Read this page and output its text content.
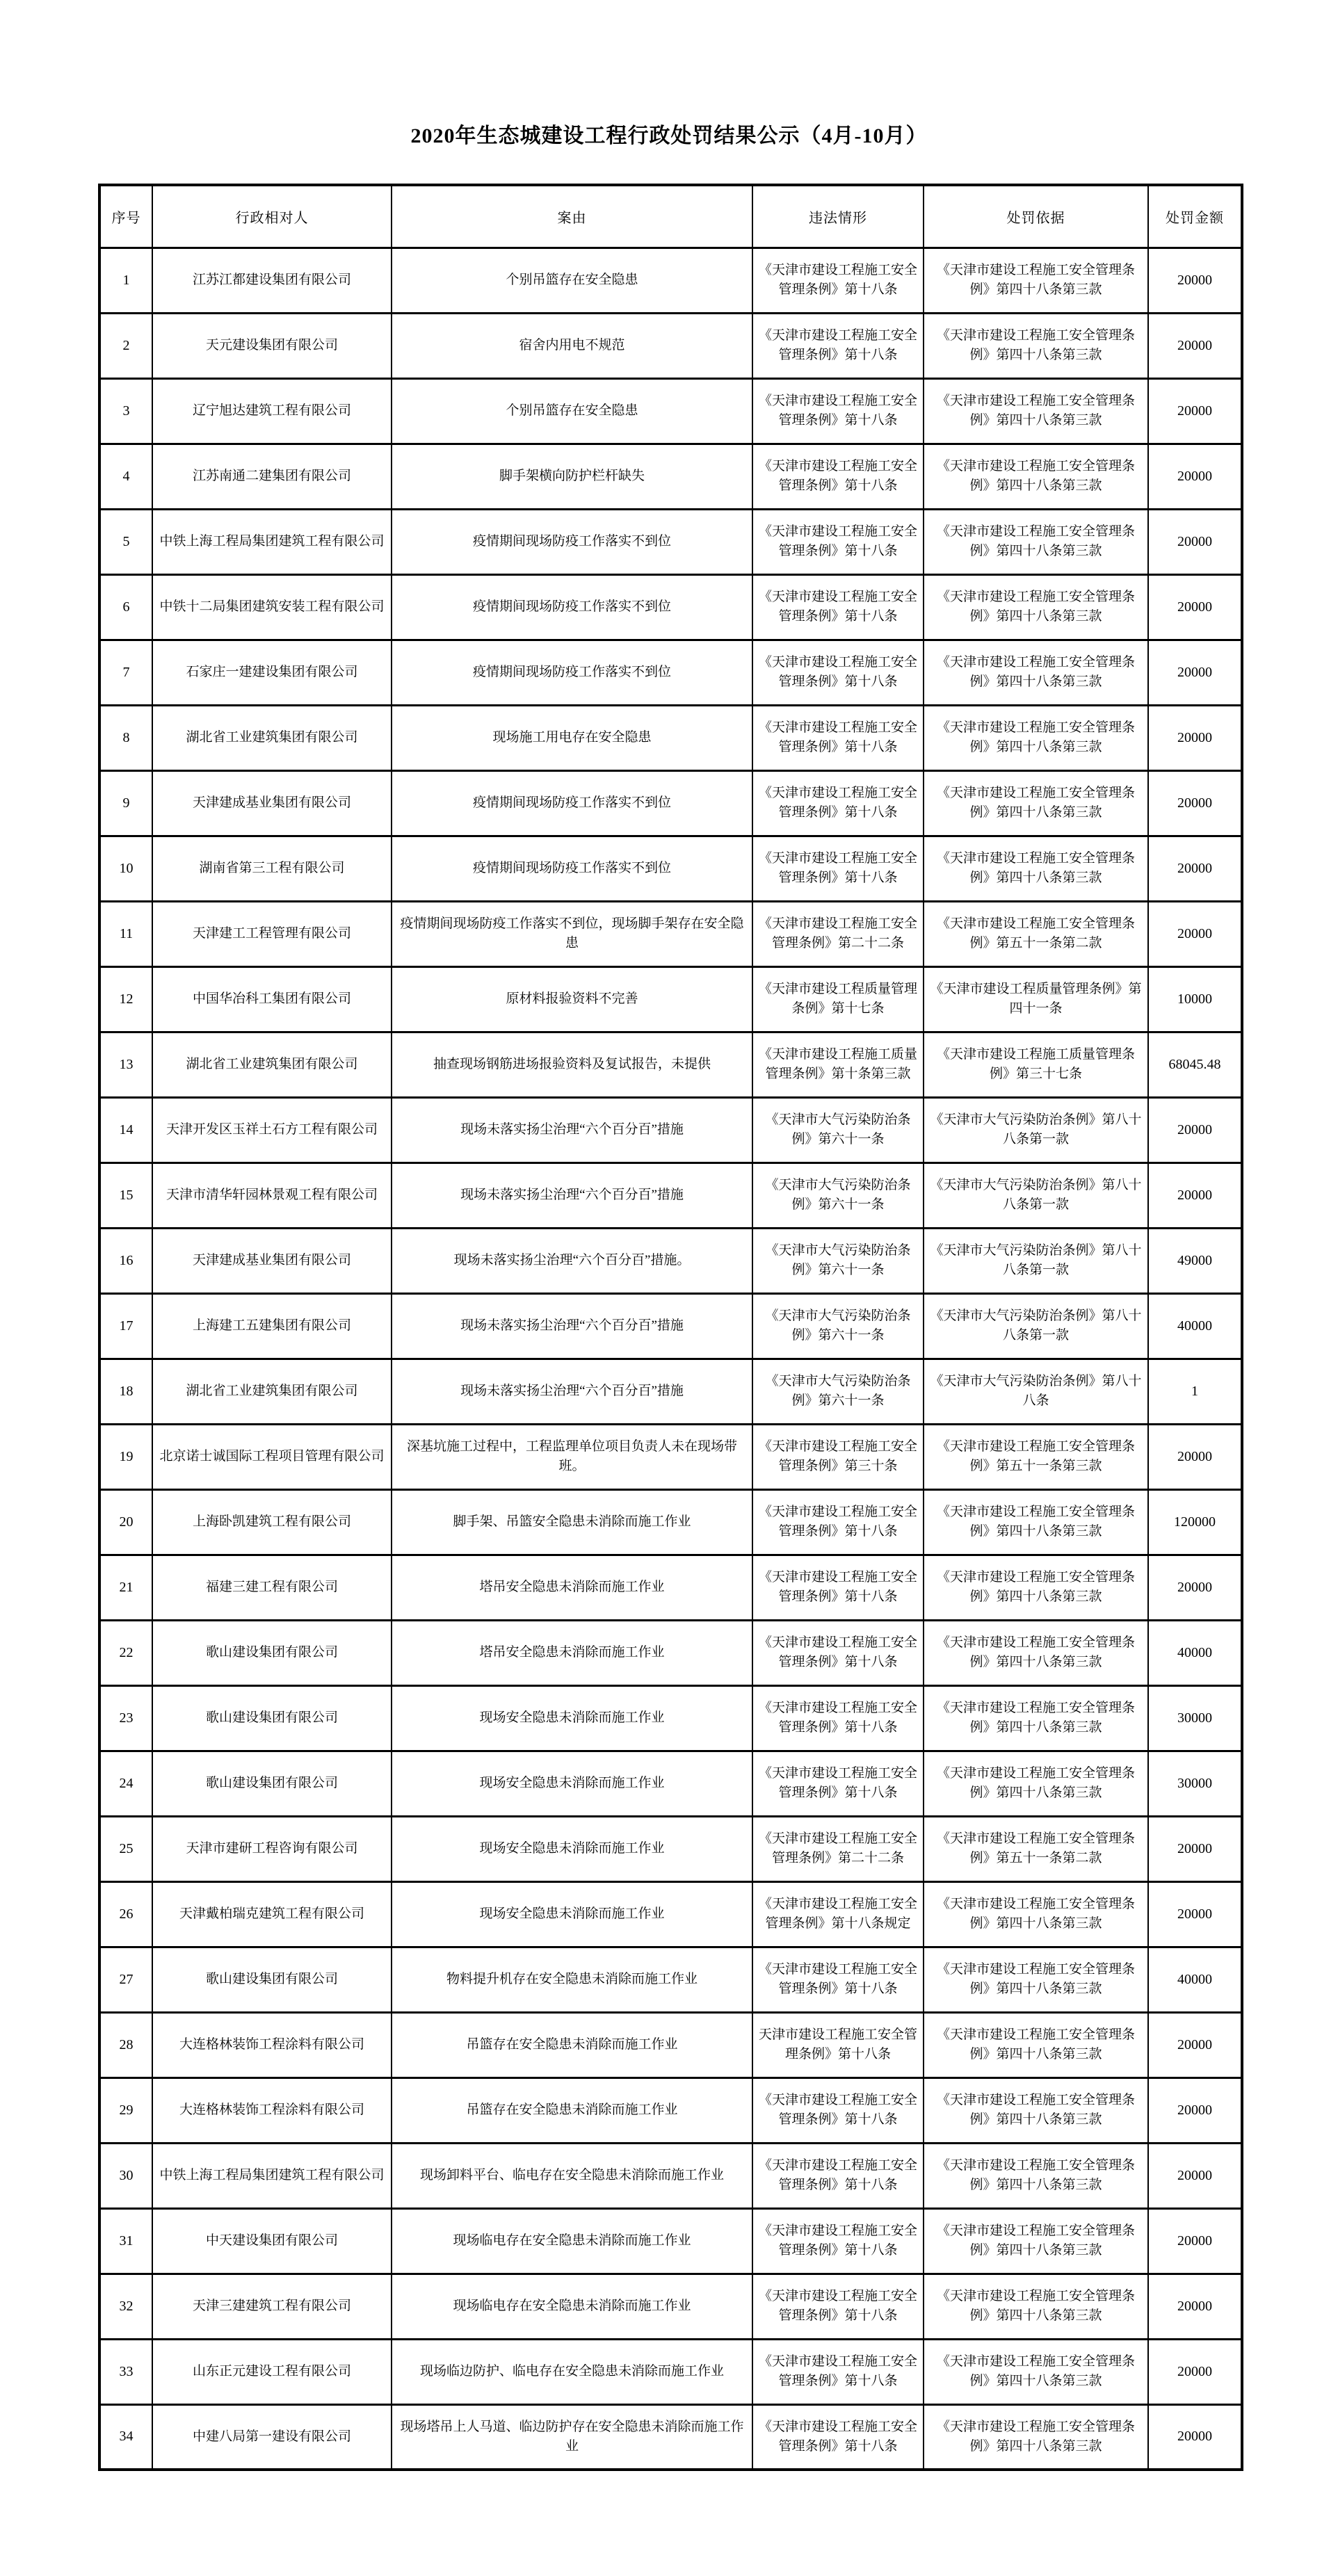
2020年生态城建设工程行政处罚结果公示（4月-10月）
序号	行政相对人	案由	违法情形	处罚依据	处罚金额
1	江苏江都建设集团有限公司	个别吊篮存在安全隐患	《天津市建设工程施工安全管理条例》第十八条	《天津市建设工程施工安全管理条例》第四十八条第三款	20000
2	天元建设集团有限公司	宿舍内用电不规范	《天津市建设工程施工安全管理条例》第十八条	《天津市建设工程施工安全管理条例》第四十八条第三款	20000
3	辽宁旭达建筑工程有限公司	个别吊篮存在安全隐患	《天津市建设工程施工安全管理条例》第十八条	《天津市建设工程施工安全管理条例》第四十八条第三款	20000
4	江苏南通二建集团有限公司	脚手架横向防护栏杆缺失	《天津市建设工程施工安全管理条例》第十八条	《天津市建设工程施工安全管理条例》第四十八条第三款	20000
5	中铁上海工程局集团建筑工程有限公司	疫情期间现场防疫工作落实不到位	《天津市建设工程施工安全管理条例》第十八条	《天津市建设工程施工安全管理条例》第四十八条第三款	20000
6	中铁十二局集团建筑安装工程有限公司	疫情期间现场防疫工作落实不到位	《天津市建设工程施工安全管理条例》第十八条	《天津市建设工程施工安全管理条例》第四十八条第三款	20000
7	石家庄一建建设集团有限公司	疫情期间现场防疫工作落实不到位	《天津市建设工程施工安全管理条例》第十八条	《天津市建设工程施工安全管理条例》第四十八条第三款	20000
8	湖北省工业建筑集团有限公司	现场施工用电存在安全隐患	《天津市建设工程施工安全管理条例》第十八条	《天津市建设工程施工安全管理条例》第四十八条第三款	20000
9	天津建成基业集团有限公司	疫情期间现场防疫工作落实不到位	《天津市建设工程施工安全管理条例》第十八条	《天津市建设工程施工安全管理条例》第四十八条第三款	20000
10	湖南省第三工程有限公司	疫情期间现场防疫工作落实不到位	《天津市建设工程施工安全管理条例》第十八条	《天津市建设工程施工安全管理条例》第四十八条第三款	20000
11	天津建工工程管理有限公司	疫情期间现场防疫工作落实不到位，现场脚手架存在安全隐患	《天津市建设工程施工安全管理条例》第二十二条	《天津市建设工程施工安全管理条例》第五十一条第二款	20000
12	中国华冶科工集团有限公司	原材料报验资料不完善	《天津市建设工程质量管理条例》第十七条	《天津市建设工程质量管理条例》第四十一条	10000
13	湖北省工业建筑集团有限公司	抽查现场钢筋进场报验资料及复试报告，未提供	《天津市建设工程施工质量管理条例》第十条第三款	《天津市建设工程施工质量管理条例》第三十七条	68045.48
14	天津开发区玉祥土石方工程有限公司	现场未落实扬尘治理“六个百分百”措施	《天津市大气污染防治条例》第六十一条	《天津市大气污染防治条例》第八十八条第一款	20000
15	天津市清华轩园林景观工程有限公司	现场未落实扬尘治理“六个百分百”措施	《天津市大气污染防治条例》第六十一条	《天津市大气污染防治条例》第八十八条第一款	20000
16	天津建成基业集团有限公司	现场未落实扬尘治理“六个百分百”措施。	《天津市大气污染防治条例》第六十一条	《天津市大气污染防治条例》第八十八条第一款	49000
17	上海建工五建集团有限公司	现场未落实扬尘治理“六个百分百”措施	《天津市大气污染防治条例》第六十一条	《天津市大气污染防治条例》第八十八条第一款	40000
18	湖北省工业建筑集团有限公司	现场未落实扬尘治理“六个百分百”措施	《天津市大气污染防治条例》第六十一条	《天津市大气污染防治条例》第八十八条	1
19	北京诺士诚国际工程项目管理有限公司	深基坑施工过程中，工程监理单位项目负责人未在现场带班。	《天津市建设工程施工安全管理条例》第三十条	《天津市建设工程施工安全管理条例》第五十一条第三款	20000
20	上海卧凯建筑工程有限公司	脚手架、吊篮安全隐患未消除而施工作业	《天津市建设工程施工安全管理条例》第十八条	《天津市建设工程施工安全管理条例》第四十八条第三款	120000
21	福建三建工程有限公司	塔吊安全隐患未消除而施工作业	《天津市建设工程施工安全管理条例》第十八条	《天津市建设工程施工安全管理条例》第四十八条第三款	20000
22	歌山建设集团有限公司	塔吊安全隐患未消除而施工作业	《天津市建设工程施工安全管理条例》第十八条	《天津市建设工程施工安全管理条例》第四十八条第三款	40000
23	歌山建设集团有限公司	现场安全隐患未消除而施工作业	《天津市建设工程施工安全管理条例》第十八条	《天津市建设工程施工安全管理条例》第四十八条第三款	30000
24	歌山建设集团有限公司	现场安全隐患未消除而施工作业	《天津市建设工程施工安全管理条例》第十八条	《天津市建设工程施工安全管理条例》第四十八条第三款	30000
25	天津市建研工程咨询有限公司	现场安全隐患未消除而施工作业	《天津市建设工程施工安全管理条例》第二十二条	《天津市建设工程施工安全管理条例》第五十一条第二款	20000
26	天津戴柏瑞克建筑工程有限公司	现场安全隐患未消除而施工作业	《天津市建设工程施工安全管理条例》第十八条规定	《天津市建设工程施工安全管理条例》第四十八条第三款	20000
27	歌山建设集团有限公司	物料提升机存在安全隐患未消除而施工作业	《天津市建设工程施工安全管理条例》第十八条	《天津市建设工程施工安全管理条例》第四十八条第三款	40000
28	大连格林装饰工程涂料有限公司	吊篮存在安全隐患未消除而施工作业	天津市建设工程施工安全管理条例》第十八条	《天津市建设工程施工安全管理条例》第四十八条第三款	20000
29	大连格林装饰工程涂料有限公司	吊篮存在安全隐患未消除而施工作业	《天津市建设工程施工安全管理条例》第十八条	《天津市建设工程施工安全管理条例》第四十八条第三款	20000
30	中铁上海工程局集团建筑工程有限公司	现场卸料平台、临电存在安全隐患未消除而施工作业	《天津市建设工程施工安全管理条例》第十八条	《天津市建设工程施工安全管理条例》第四十八条第三款	20000
31	中天建设集团有限公司	现场临电存在安全隐患未消除而施工作业	《天津市建设工程施工安全管理条例》第十八条	《天津市建设工程施工安全管理条例》第四十八条第三款	20000
32	天津三建建筑工程有限公司	现场临电存在安全隐患未消除而施工作业	《天津市建设工程施工安全管理条例》第十八条	《天津市建设工程施工安全管理条例》第四十八条第三款	20000
33	山东正元建设工程有限公司	现场临边防护、临电存在安全隐患未消除而施工作业	《天津市建设工程施工安全管理条例》第十八条	《天津市建设工程施工安全管理条例》第四十八条第三款	20000
34	中建八局第一建设有限公司	现场塔吊上人马道、临边防护存在安全隐患未消除而施工作业	《天津市建设工程施工安全管理条例》第十八条	《天津市建设工程施工安全管理条例》第四十八条第三款	20000
